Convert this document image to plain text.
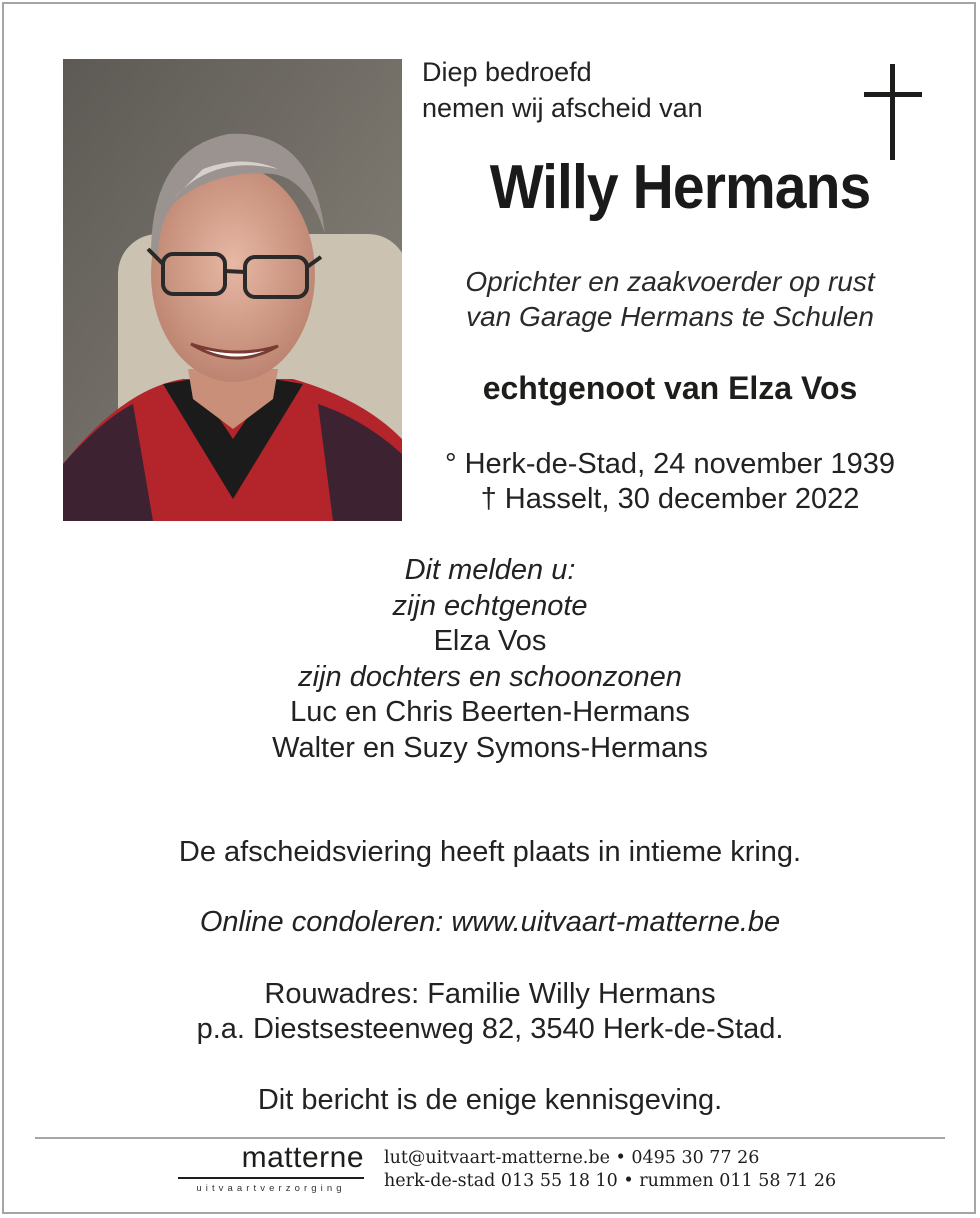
Diep bedroefd
nemen wij afscheid van
Willy Hermans
Oprichter en zaakvoerder op rust
van Garage Hermans te Schulen
echtgenoot van Elza Vos
° Herk-de-Stad, 24 november 1939
† Hasselt, 30 december 2022
Dit melden u:
zijn echtgenote
Elza Vos
zijn dochters en schoonzonen
Luc en Chris Beerten-Hermans
Walter en Suzy Symons-Hermans
De afscheidsviering heeft plaats in intieme kring.
Online condoleren: www.uitvaart-matterne.be
Rouwadres: Familie Willy Hermans
p.a. Diestsesteenweg 82, 3540 Herk-de-Stad.
Dit bericht is de enige kennisgeving.
matterne
uitvaartverzorging
lut@uitvaart-matterne.be • 0495 30 77 26
herk-de-stad 013 55 18 10 • rummen 011 58 71 26
